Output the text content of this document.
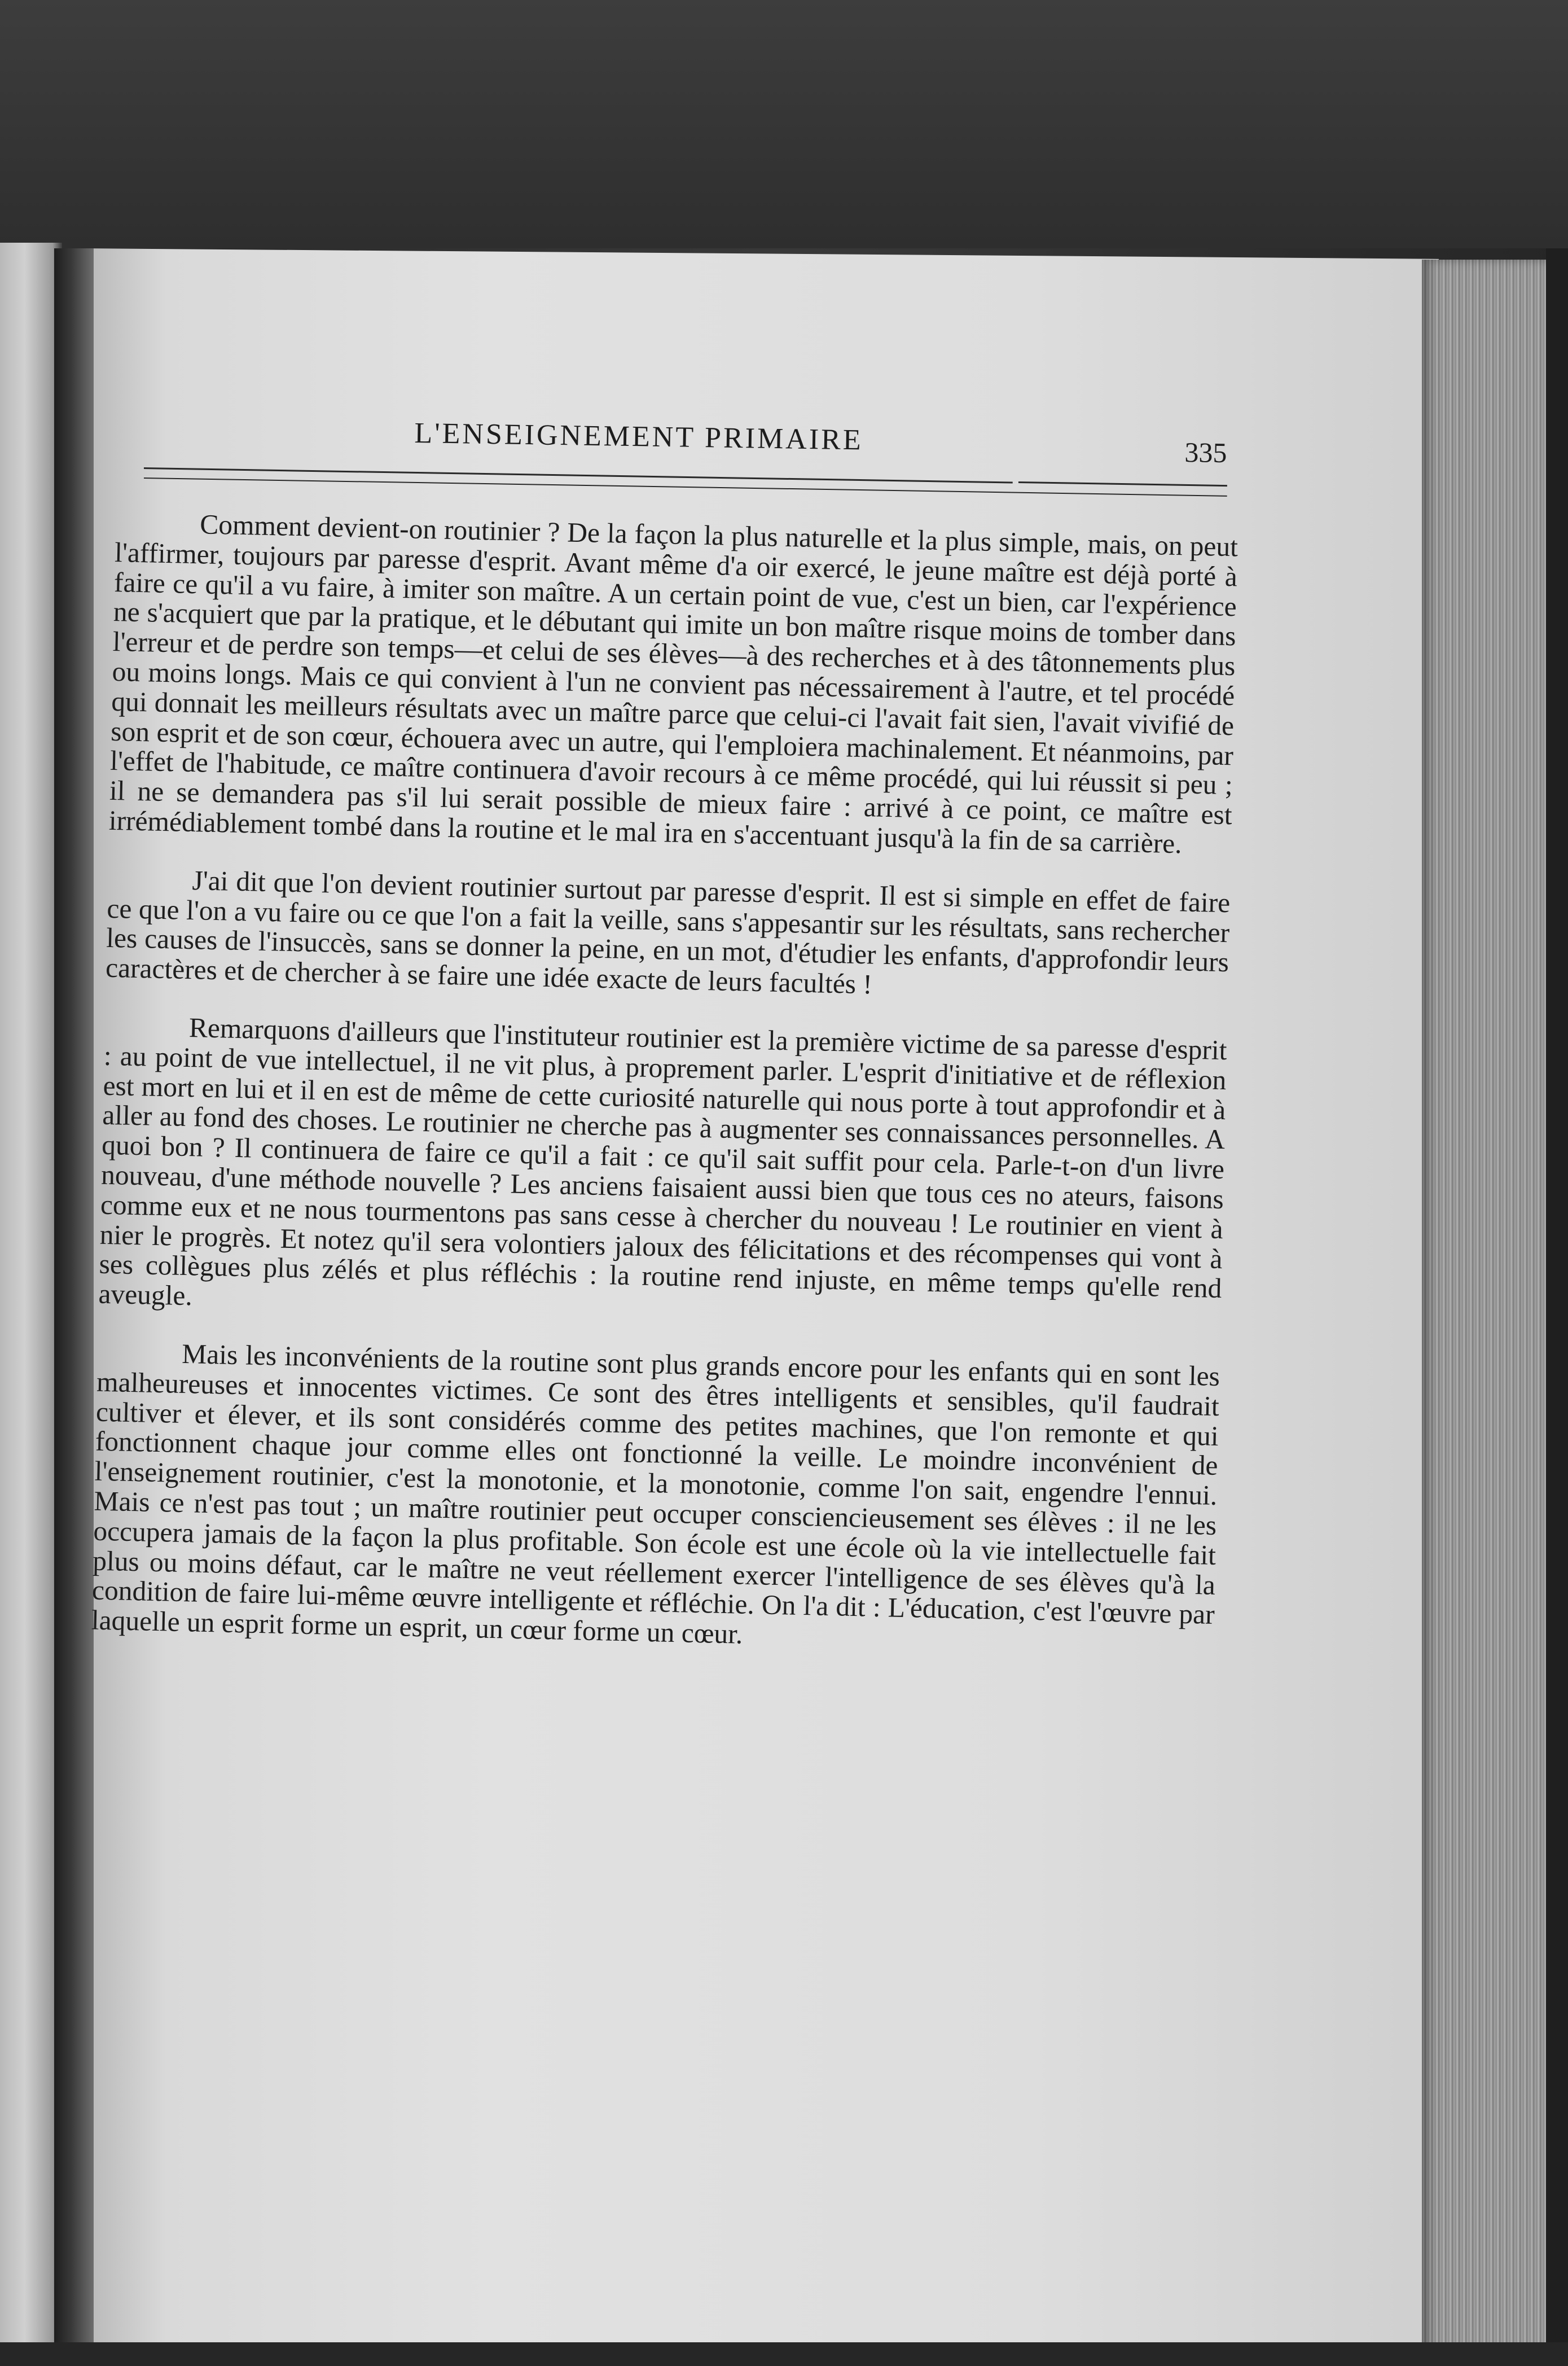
L'ENSEIGNEMENT PRIMAIRE	335

Comment devient-on routinier ? De la façon la plus naturelle et la plus simple, mais, on peut l'affirmer, toujours par paresse d'esprit. Avant même d'a oir exercé, le jeune maître est déjà porté à faire ce qu'il a vu faire, à imiter son maître. A un certain point de vue, c'est un bien, car l'expérience ne s'acquiert que par la pratique, et le débutant qui imite un bon maître risque moins de tomber dans l'erreur et de perdre son temps—et celui de ses élèves—à des recherches et à des tâtonnements plus ou moins longs. Mais ce qui convient à l'un ne convient pas nécessairement à l'autre, et tel procédé qui donnait les meilleurs résultats avec un maître parce que celui-ci l'avait fait sien, l'avait vivifié de son esprit et de son cœur, échouera avec un autre, qui l'emploiera machinalement. Et néanmoins, par l'effet de l'habitude, ce maître continuera d'avoir recours à ce même procédé, qui lui réussit si peu ; il ne se demandera pas s'il lui serait possible de mieux faire : arrivé à ce point, ce maître est irrémédiablement tombé dans la routine et le mal ira en s'accentuant jusqu'à la fin de sa carrière.

J'ai dit que l'on devient routinier surtout par paresse d'esprit. Il est si simple en effet de faire ce que l'on a vu faire ou ce que l'on a fait la veille, sans s'appesantir sur les résultats, sans rechercher les causes de l'insuccès, sans se donner la peine, en un mot, d'étudier les enfants, d'approfondir leurs caractères et de chercher à se faire une idée exacte de leurs facultés !

Remarquons d'ailleurs que l'instituteur routinier est la première victime de sa paresse d'esprit : au point de vue intellectuel, il ne vit plus, à proprement parler. L'esprit d'initiative et de réflexion est mort en lui et il en est de même de cette curiosité naturelle qui nous porte à tout approfondir et à aller au fond des choses. Le routinier ne cherche pas à augmenter ses connaissances personnelles. A quoi bon ? Il continuera de faire ce qu'il a fait : ce qu'il sait suffit pour cela. Parle-t-on d'un livre nouveau, d'une méthode nouvelle ? Les anciens faisaient aussi bien que tous ces no ateurs, faisons comme eux et ne nous tourmentons pas sans cesse à chercher du nouveau ! Le routinier en vient à nier le progrès. Et notez qu'il sera volontiers jaloux des félicitations et des récompenses qui vont à ses collègues plus zélés et plus réfléchis : la routine rend injuste, en même temps qu'elle rend aveugle.

Mais les inconvénients de la routine sont plus grands encore pour les enfants qui en sont les malheureuses et innocentes victimes. Ce sont des êtres intelligents et sensibles, qu'il faudrait cultiver et élever, et ils sont considérés comme des petites machines, que l'on remonte et qui fonctionnent chaque jour comme elles ont fonctionné la veille. Le moindre inconvénient de l'enseignement routinier, c'est la monotonie, et la monotonie, comme l'on sait, engendre l'ennui. Mais ce n'est pas tout ; un maître routinier peut occuper consciencieusement ses élèves : il ne les occupera jamais de la façon la plus profitable. Son école est une école où la vie intellectuelle fait plus ou moins défaut, car le maître ne veut réellement exercer l'intelligence de ses élèves qu'à la condition de faire lui-même œuvre intelligente et réfléchie. On l'a dit : L'éducation, c'est l'œuvre par laquelle un esprit forme un esprit, un cœur forme un cœur.
